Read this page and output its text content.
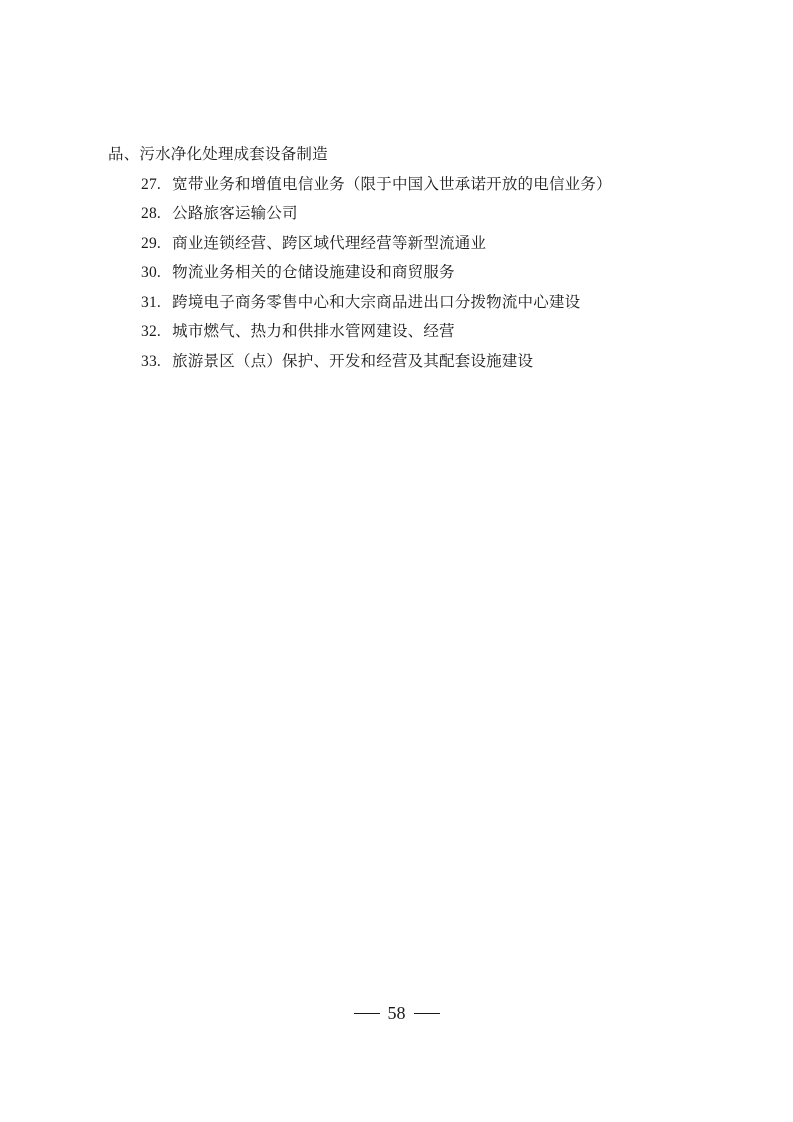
品、污水净化处理成套设备制造
27. 宽带业务和增值电信业务（限于中国入世承诺开放的电信业务）
28. 公路旅客运输公司
29. 商业连锁经营、跨区域代理经营等新型流通业
30. 物流业务相关的仓储设施建设和商贸服务
31. 跨境电子商务零售中心和大宗商品进出口分拨物流中心建设
32. 城市燃气、热力和供排水管网建设、经营
33. 旅游景区（点）保护、开发和经营及其配套设施建设
58
